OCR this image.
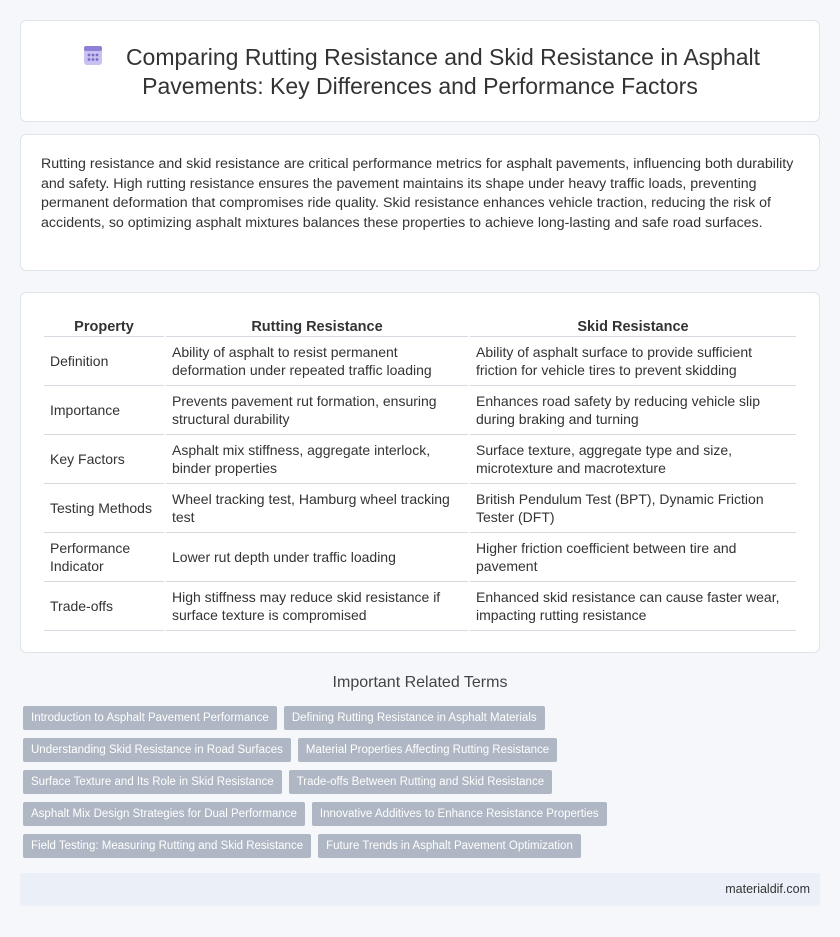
Comparing Rutting Resistance and Skid Resistance in Asphalt Pavements: Key Differences and Performance Factors

Rutting resistance and skid resistance are critical performance metrics for asphalt pavements, influencing both durability and safety. High rutting resistance ensures the pavement maintains its shape under heavy traffic loads, preventing permanent deformation that compromises ride quality. Skid resistance enhances vehicle traction, reducing the risk of accidents, so optimizing asphalt mixtures balances these properties to achieve long-lasting and safe road surfaces.

Property	Rutting Resistance	Skid Resistance
Definition	Ability of asphalt to resist permanent deformation under repeated traffic loading	Ability of asphalt surface to provide sufficient friction for vehicle tires to prevent skidding
Importance	Prevents pavement rut formation, ensuring structural durability	Enhances road safety by reducing vehicle slip during braking and turning
Key Factors	Asphalt mix stiffness, aggregate interlock, binder properties	Surface texture, aggregate type and size, microtexture and macrotexture
Testing Methods	Wheel tracking test, Hamburg wheel tracking test	British Pendulum Test (BPT), Dynamic Friction Tester (DFT)
Performance Indicator	Lower rut depth under traffic loading	Higher friction coefficient between tire and pavement
Trade-offs	High stiffness may reduce skid resistance if surface texture is compromised	Enhanced skid resistance can cause faster wear, impacting rutting resistance
Important Related Terms
Introduction to Asphalt Pavement Performance	Defining Rutting Resistance in Asphalt Materials
Understanding Skid Resistance in Road Surfaces	Material Properties Affecting Rutting Resistance
Surface Texture and Its Role in Skid Resistance	Trade-offs Between Rutting and Skid Resistance
Asphalt Mix Design Strategies for Dual Performance	Innovative Additives to Enhance Resistance Properties
Field Testing: Measuring Rutting and Skid Resistance	Future Trends in Asphalt Pavement Optimization
materialdif.com
